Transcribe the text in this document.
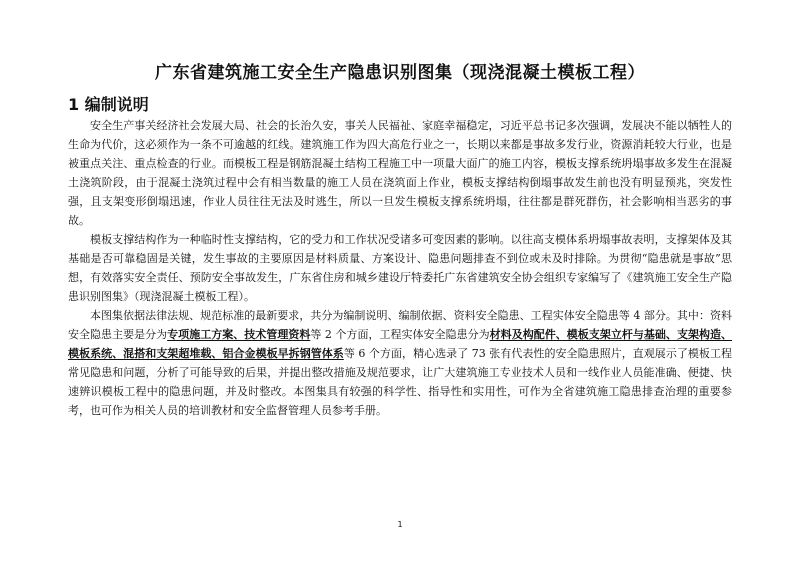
广东省建筑施工安全生产隐患识别图集（现浇混凝土模板工程）
1 编制说明

安全生产事关经济社会发展大局、社会的长治久安，事关人民福祉、家庭幸福稳定，习近平总书记多次强调，发展决不能以牺牲人的生命为代价，这必须作为一条不可逾越的红线。建筑施工作为四大高危行业之一，长期以来都是事故多发行业，资源消耗较大行业，也是被重点关注、重点检查的行业。而模板工程是钢筋混凝土结构工程施工中一项量大面广的施工内容，模板支撑系统坍塌事故多发生在混凝土浇筑阶段，由于混凝土浇筑过程中会有相当数量的施工人员在浇筑面上作业，模板支撑结构倒塌事故发生前也没有明显预兆，突发性强，且支架变形倒塌迅速，作业人员往往无法及时逃生，所以一旦发生模板支撑系统坍塌，往往都是群死群伤，社会影响相当恶劣的事故。

模板支撑结构作为一种临时性支撑结构，它的受力和工作状况受诸多可变因素的影响。以往高支模体系坍塌事故表明，支撑架体及其基础是否可靠稳固是关键，发生事故的主要原因是材料质量、方案设计、隐患问题排查不到位或未及时排除。为贯彻“隐患就是事故”思想，有效落实安全责任、预防安全事故发生，广东省住房和城乡建设厅特委托广东省建筑安全协会组织专家编写了《建筑施工安全生产隐患识别图集》（现浇混凝土模板工程）。

本图集依据法律法规、规范标准的最新要求，共分为编制说明、编制依据、资料安全隐患、工程实体安全隐患等 4 部分。其中：资料安全隐患主要是分为专项施工方案、技术管理资料等 2 个方面，工程实体安全隐患分为材料及构配件、模板支架立杆与基础、支架构造、模板系统、混搭和支架超堆载、铝合金模板早拆钢管体系等 6 个方面，精心选录了 73 张有代表性的安全隐患照片，直观展示了模板工程常见隐患和问题，分析了可能导致的后果，并提出整改措施及规范要求，让广大建筑施工专业技术人员和一线作业人员能准确、便捷、快速辨识模板工程中的隐患问题，并及时整改。本图集具有较强的科学性、指导性和实用性，可作为全省建筑施工隐患排查治理的重要参考，也可作为相关人员的培训教材和安全监督管理人员参考手册。

1
